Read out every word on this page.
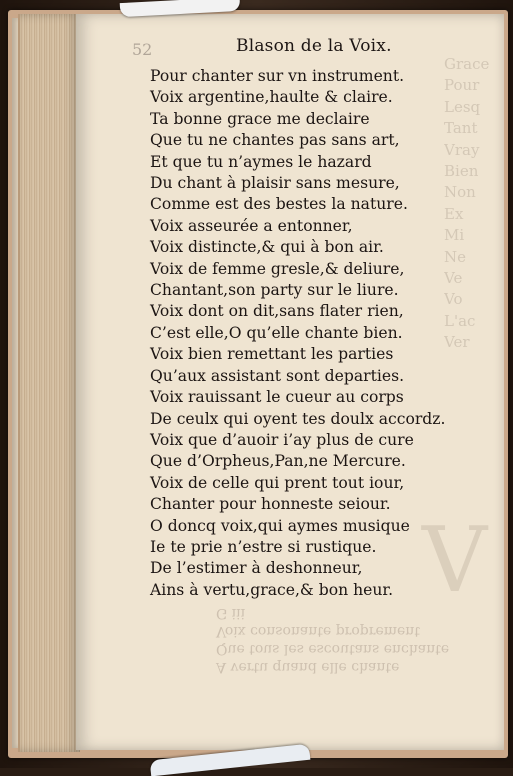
Grace
Pour
Lesq
Tant
Vray
Bien
Non
Ex
Mi
Ne
Ve
Vo
L'ac
Ver
V
A vertu quand elle chante
Que tous les escoutans enchante
Voix consonante proprement
G iii
52	Blason de la Voix.
Pour chanter sur vn instrument.
Voix argentine,haulte & claire.
Ta bonne grace me declaire
Que tu ne chantes pas sans art,
Et que tu n’aymes le hazard
Du chant à plaisir sans mesure,
Comme est des bestes la nature.
Voix asseurée a entonner,
Voix distincte,& qui à bon air.
Voix de femme gresle,& deliure,
Chantant,son party sur le liure.
Voix dont on dit,sans flater rien,
C’est elle,O qu’elle chante bien.
Voix bien remettant les parties
Qu’aux assistant sont departies.
Voix rauissant le cueur au corps
De ceulx qui oyent tes doulx accordz.
Voix que d’auoir i’ay plus de cure
Que d’Orpheus,Pan,ne Mercure.
Voix de celle qui prent tout iour,
Chanter pour honneste seiour.
O doncq voix,qui aymes musique
Ie te prie n’estre si rustique.
De l’estimer à deshonneur,
Ains à vertu,grace,& bon heur.
